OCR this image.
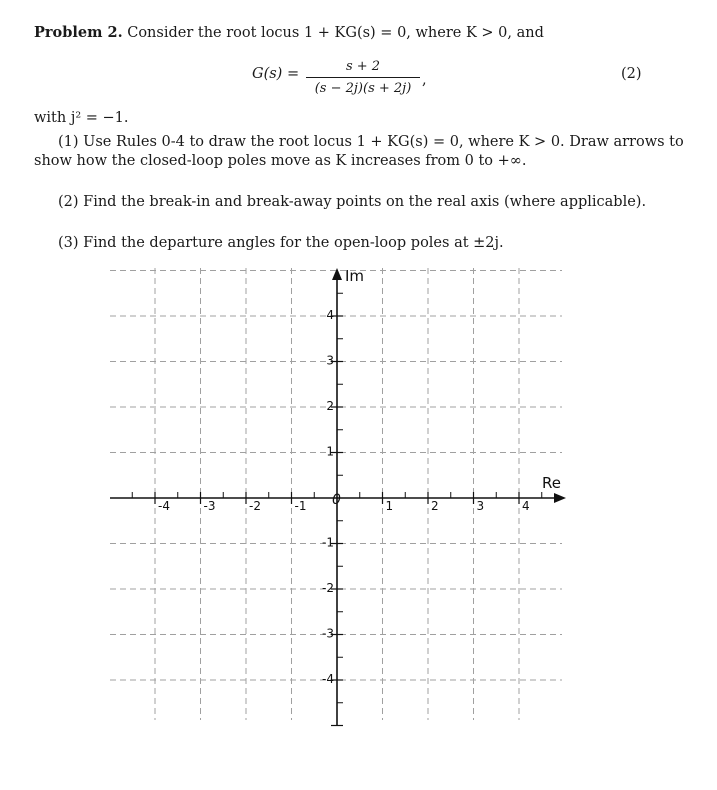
Problem 2. Consider the root locus 1 + KG(s) = 0, where K > 0, and
G(s) =	s + 2
(s − 2j)(s + 2j)
,	(2)
with j² = −1.
(1) Use Rules 0-4 to draw the root locus 1 + KG(s) = 0, where K > 0. Draw arrows to
show how the closed-loop poles move as K increases from 0 to +∞.
(2) Find the break-in and break-away points on the real axis (where applicable).
(3) Find the departure angles for the open-loop poles at ±2j.
-4	-3	-2	-1	1	2	3	4
4
3
2
1
-1
-2
-3
-4
0
Im
Re
